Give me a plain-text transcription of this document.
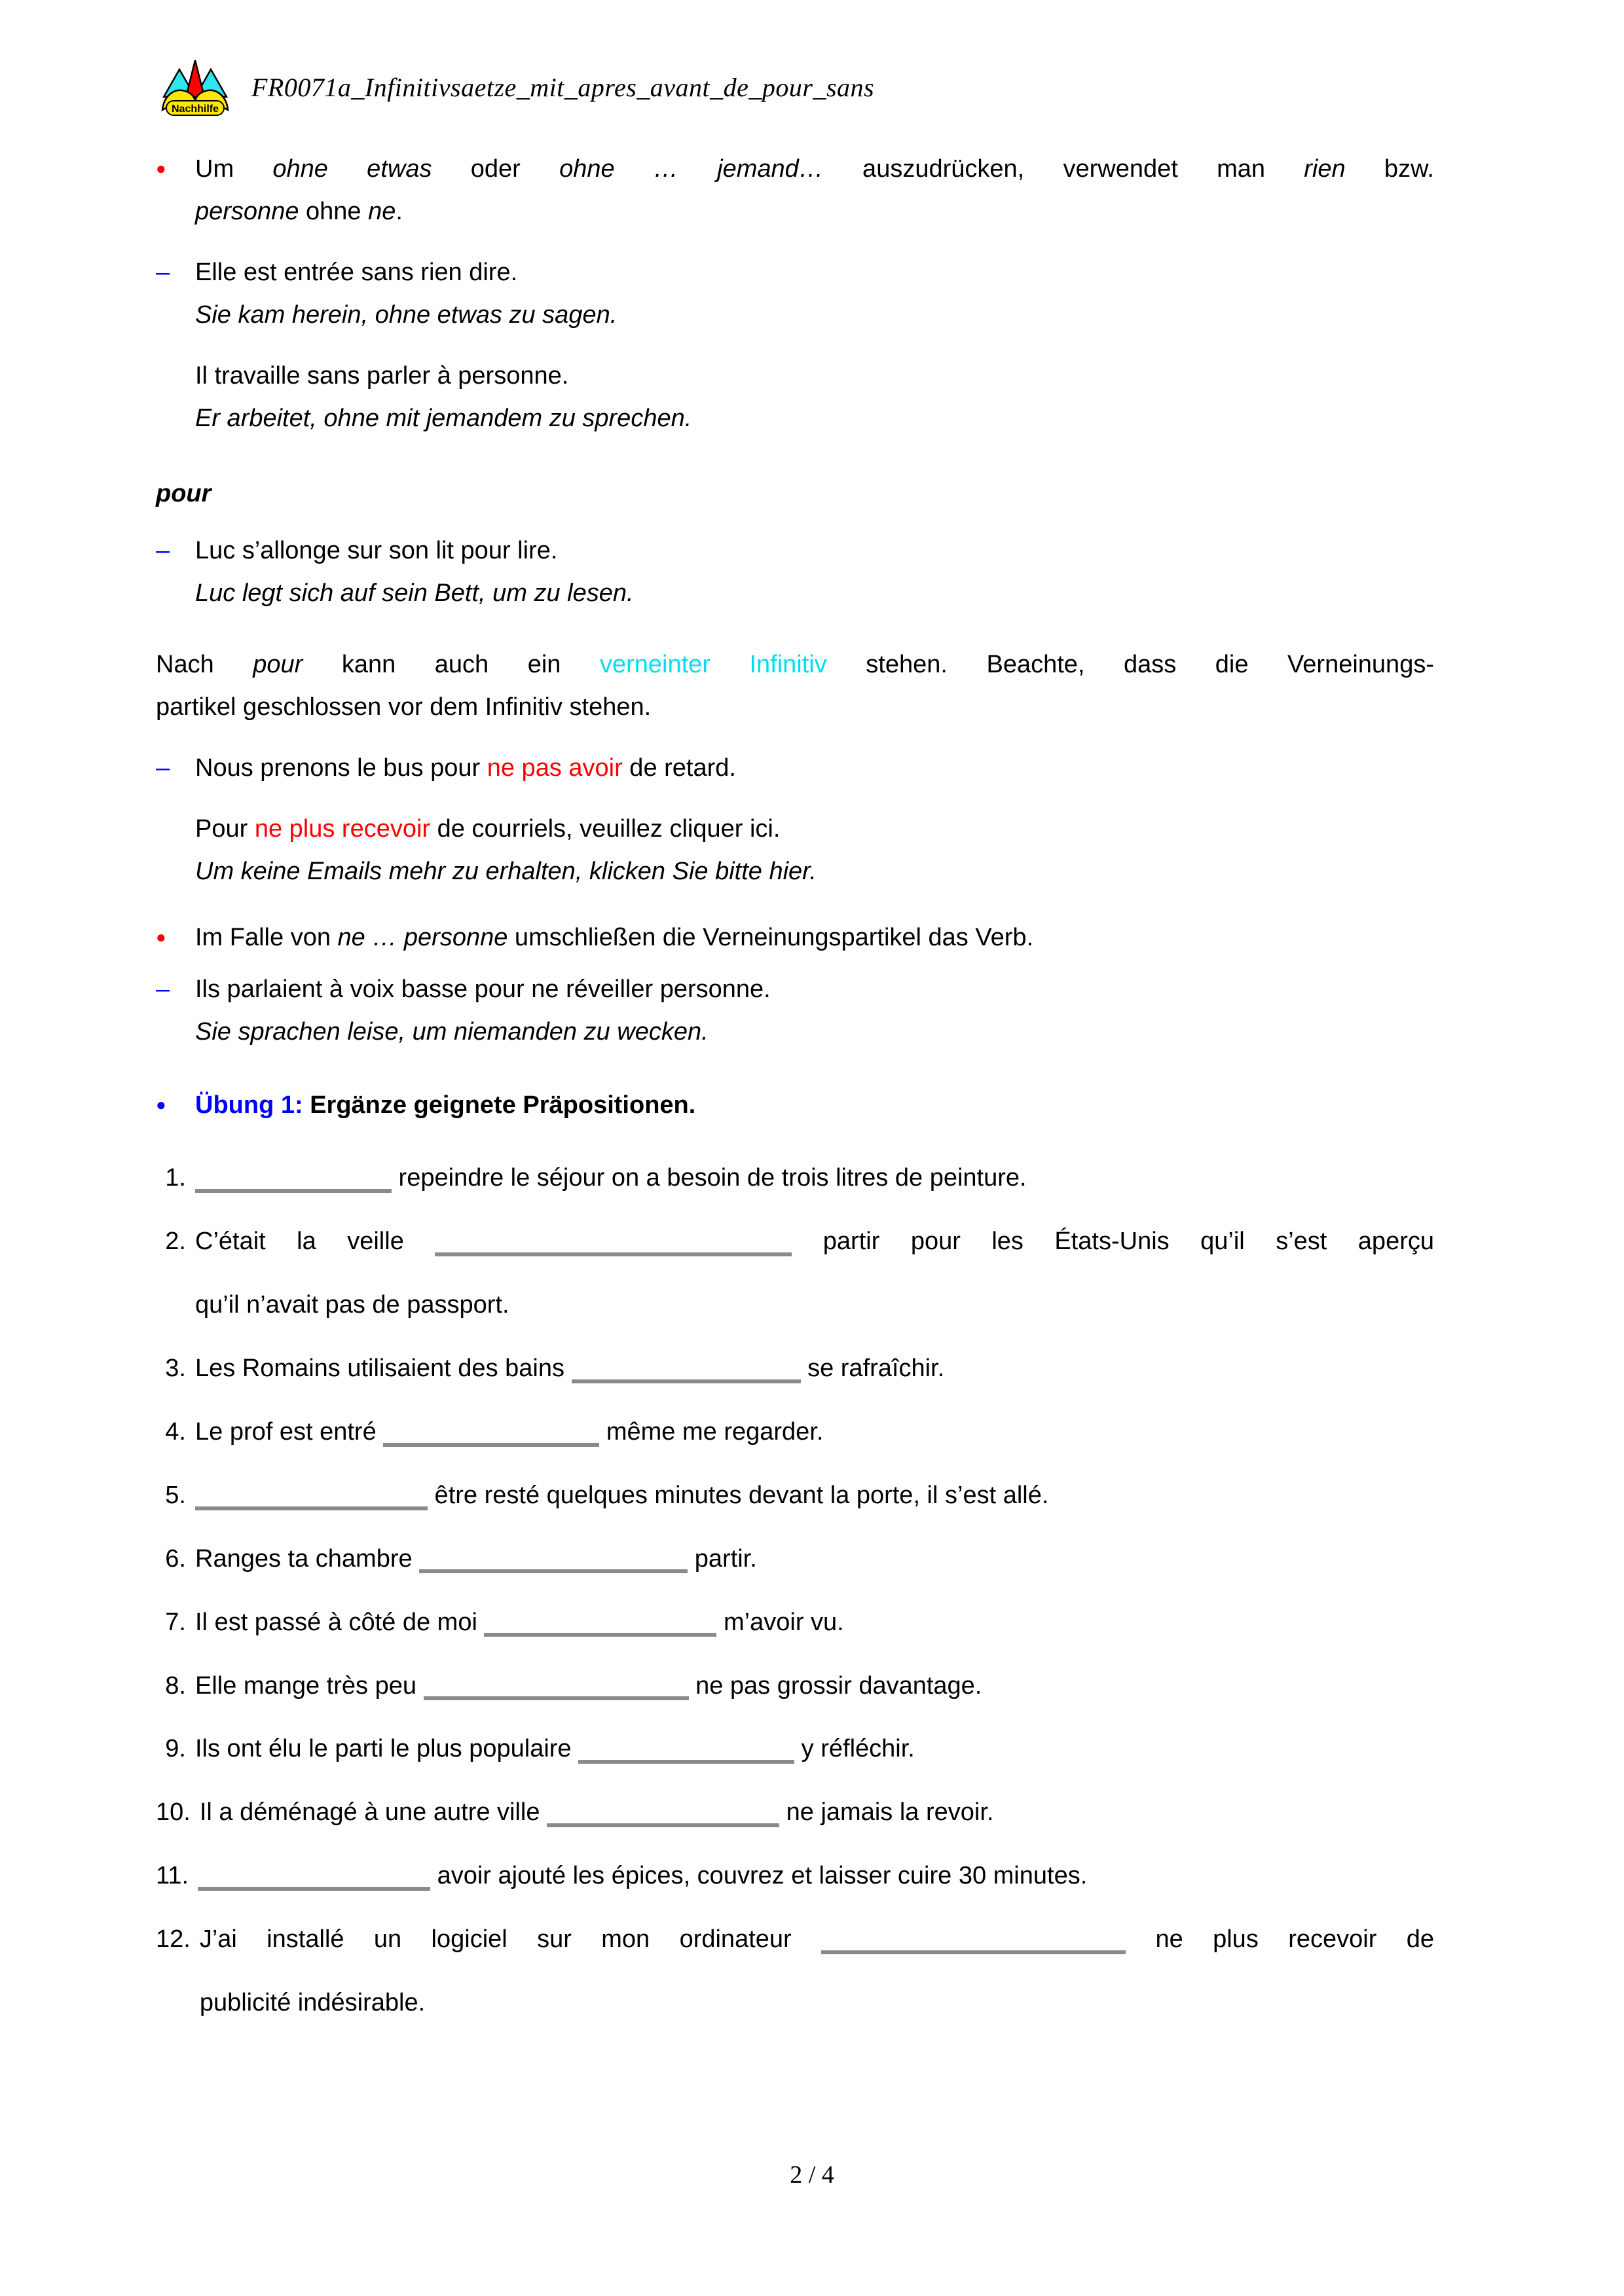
Nachhilfe
FR0071a_Infinitivsaetze_mit_apres_avant_de_pour_sans
●	Um ohne etwas oder ohne … jemand… auszudrücken, verwendet man rien bzw.
personne ohne ne.
–	Elle est entrée sans rien dire.
Sie kam herein, ohne etwas zu sagen.
Il travaille sans parler à personne.
Er arbeitet, ohne mit jemandem zu sprechen.
pour
–	Luc s’allonge sur son lit pour lire.
Luc legt sich auf sein Bett, um zu lesen.
Nach pour kann auch ein verneinter Infinitiv stehen. Beachte, dass die Verneinungs-
partikel geschlossen vor dem Infinitiv stehen.
–	Nous prenons le bus pour ne pas avoir de retard.
Pour ne plus recevoir de courriels, veuillez cliquer ici.
Um keine Emails mehr zu erhalten, klicken Sie bitte hier.
●	Im Falle von ne … personne umschließen die Verneinungspartikel das Verb.
–	Ils parlaient à voix basse pour ne réveiller personne.
Sie sprachen leise, um niemanden zu wecken.
●	Übung 1: Ergänze geignete Präpositionen.
1.	repeindre le séjour on a besoin de trois litres de peinture.
2. C’était la veille	partir pour les États-Unis qu’il s’est aperçu
qu’il n’avait pas de passport.
3. Les Romains utilisaient des bains	se rafraîchir.
4. Le prof est entré	même me regarder.
5.	être resté quelques minutes devant la porte, il s’est allé.
6. Ranges ta chambre	partir.
7. Il est passé à côté de moi	m’avoir vu.
8. Elle mange très peu	ne pas grossir davantage.
9. Ils ont élu le parti le plus populaire	y réfléchir.
10. Il a déménagé à une autre ville	ne jamais la revoir.
11.	avoir ajouté les épices, couvrez et laisser cuire 30 minutes.
12. J’ai installé un logiciel sur mon ordinateur	ne plus recevoir de
publicité indésirable.
2 / 4
